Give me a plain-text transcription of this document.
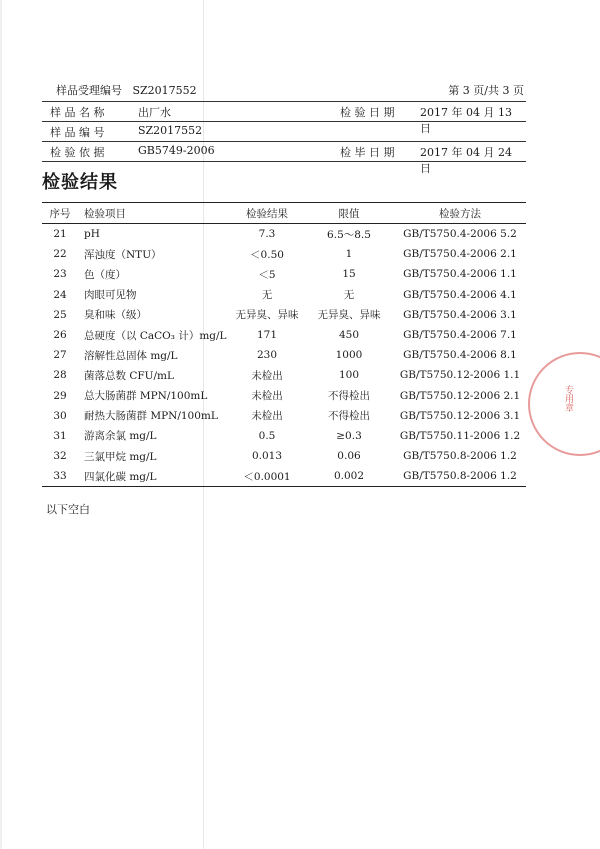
样品受理编号 SZ2017552	第 3 页/共 3 页
样 品 名 称	出厂水	检 验 日 期 2017 年 04 月 13 日
样 品 编 号	SZ2017552
检 验 依 据	GB5749-2006	检 毕 日 期 2017 年 04 月 24 日
检验结果
序号	检验项目	检验结果	限值	检验方法
21	pH	7.3	6.5～8.5	GB/T5750.4-2006 5.2
22	浑浊度（NTU）	＜0.50	1	GB/T5750.4-2006 2.1
23	色（度）	＜5	15	GB/T5750.4-2006 1.1
24	肉眼可见物	无	无	GB/T5750.4-2006 4.1
25	臭和味（级）	无异臭、异味	无异臭、异味	GB/T5750.4-2006 3.1
26	总硬度（以 CaCO₃ 计）mg/L	171	450	GB/T5750.4-2006 7.1
27	溶解性总固体 mg/L	230	1000	GB/T5750.4-2006 8.1
28	菌落总数 CFU/mL	未检出	100	GB/T5750.12-2006 1.1
29	总大肠菌群 MPN/100mL	未检出	不得检出	GB/T5750.12-2006 2.1
30	耐热大肠菌群 MPN/100mL	未检出	不得检出	GB/T5750.12-2006 3.1
31	游离余氯 mg/L	0.5	≥0.3	GB/T5750.11-2006 1.2
32	三氯甲烷 mg/L	0.013	0.06	GB/T5750.8-2006 1.2
33	四氯化碳 mg/L	＜0.0001	0.002	GB/T5750.8-2006 1.2
以下空白
专用章
